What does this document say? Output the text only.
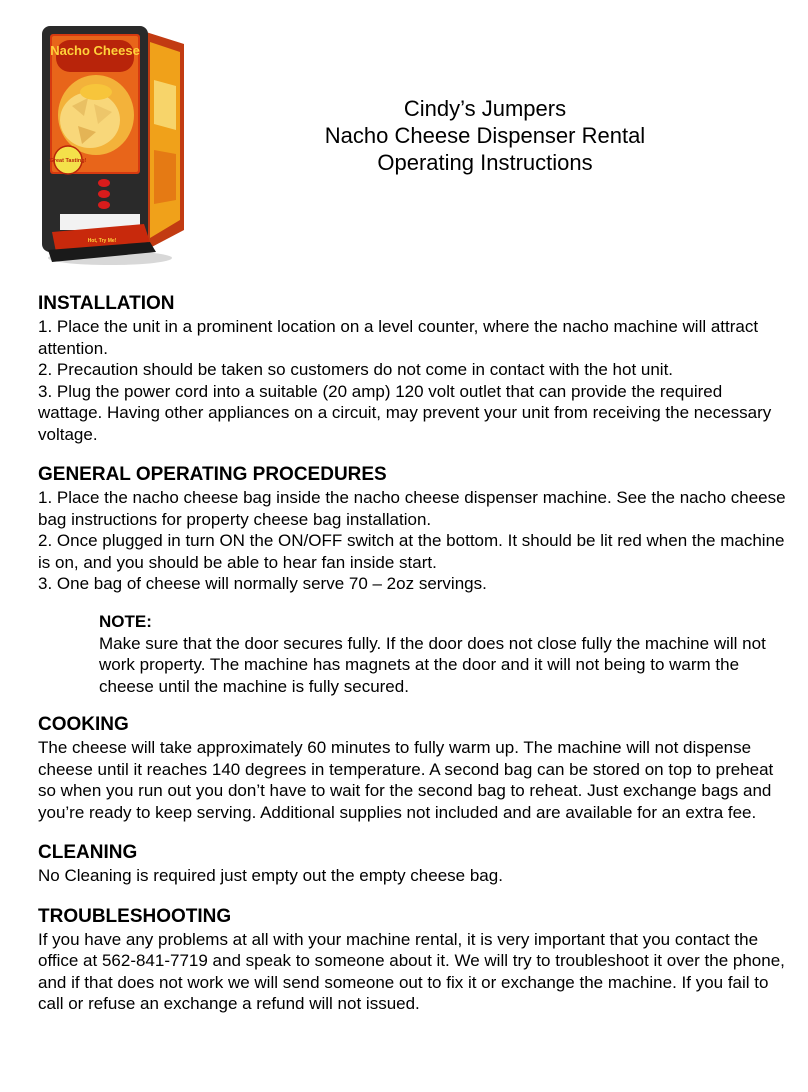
Nacho Cheese
Great Tasting!
Hot, Try Me!
Cindy’s Jumpers
Nacho Cheese Dispenser Rental
Operating Instructions
INSTALLATION

1. Place the unit in a prominent location on a level counter, where the nacho machine will attract attention.

2. Precaution should be taken so customers do not come in contact with the hot unit.

3. Plug the power cord into a suitable (20 amp) 120 volt outlet that can provide the required wattage. Having other appliances on a circuit, may prevent your unit from receiving the necessary voltage.

GENERAL OPERATING PROCEDURES

1. Place the nacho cheese bag inside the nacho cheese dispenser machine. See the nacho cheese bag instructions for property cheese bag installation.

2. Once plugged in turn ON the ON/OFF switch at the bottom. It should be lit red when the machine is on, and you should be able to hear fan inside start.

3. One bag of cheese will normally serve 70 – 2oz servings.

NOTE:

Make sure that the door secures fully. If the door does not close fully the machine will not work property. The machine has magnets at the door and it will not being to warm the cheese until the machine is fully secured.

COOKING

The cheese will take approximately 60 minutes to fully warm up. The machine will not dispense cheese until it reaches 140 degrees in temperature. A second bag can be stored on top to preheat so when you run out you don’t have to wait for the second bag to reheat. Just exchange bags and you’re ready to keep serving. Additional supplies not included and are available for an extra fee.

CLEANING

No Cleaning is required just empty out the empty cheese bag.

TROUBLESHOOTING

If you have any problems at all with your machine rental, it is very important that you contact the office at 562-841-7719 and speak to someone about it. We will try to troubleshoot it over the phone, and if that does not work we will send someone out to fix it or exchange the machine. If you fail to call or refuse an exchange a refund will not issued.
